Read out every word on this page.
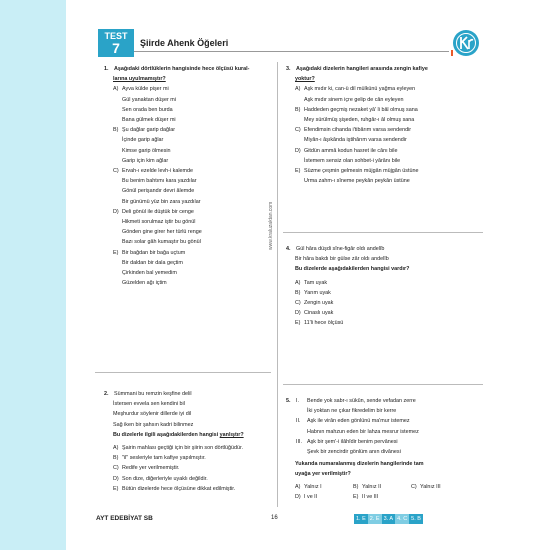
TEST
7	Şiirde Ahenk Öğeleri
www.kraluzaktan.com
1.	Aşağıdaki dörtlüklerin hangisinde hece ölçüsü kural-
larına uyulmamıştır?
A) Ayva külde pişer mi
Gül yanaktan düşer mi
Sen orada ben burda
Bana gülmek düşer mi
B) Şu dağlar garip dağlar
İçinde garip ağlar
Kimse garip ölmesin
Garip için kim ağlar
C) Ervah-ı ezelde levh-i kalemde
Bu benim bahtımı kara yazdılar
Gönül perişandır devri âlemde
Bir günümü yüz bin zara yazdılar
D) Deli gönül ile düştük bir cenge
Hikmeti sorulmaz iştir bu gönül
Gönden gine girer her türlü renge
Bazı solar gâh kumaştır bu gönül
E) Bir bağdan bir bağa uçtum
Bir daldan bir dala geçtim
Çirkinden bal yemedim
Güzelden ağı içtim
2.	Sümmani bu remzin keşfine delil
İstersen evvela sen kendini bil
Meşhurdur söylenir dillerde iyi dil
Sağ iken bir şahsın kadri bilinmez
Bu dizelerle ilgili aşağıdakilerden hangisi yanlıştır?
A) Şairin mahlası geçtiği için bir şiirin son dörtlüğüdür.
B) "il" sesleriyle tam kafiye yapılmıştır.
C) Redife yer verilmemiştir.
D) Son dize, diğerleriyle uyaklı değildir.
E) Bütün dizelerde hece ölçüsüne dikkat edilmiştir.
3.	Aşağıdaki dizelerin hangileri arasında zengin kafiye
yoktur?
A) Aşk mıdır ki, can-ü dil mülkünü yağma eyleyen
Aşk mıdır sinem içre gelip de cân eyleyen
B) Haddeden geçmiş nezaket yâ' li bâl olmuş sana
Mey sürülmüş şişeden, ruhgâr-ı âl olmuş sana
C) Efendimsin cihanda i'tibârım varsa sendendir
Miyân-ı âşıkânda iştihârım varsa sendendir
D) Gitdün ammâ kodun hasret ile cânı bile
İstemem sensiz olan sohbet-i yârânı bile
E) Süzme çeşmin gelmesin müjgân müjgân üstüne
Urma zahm-ı sîneme peykân peykân üstüne
4.	Gül hâra düşdi sîne-figâr oldı andelîb
Bir hâra bakdı bir gülse zâr oldı andelîb
Bu dizelerde aşağıdakilerden hangisi vardır?
A) Tam uyak
B) Yarım uyak
C) Zengin uyak
D) Cinaslı uyak
E) 11'li hece ölçüsü
5.	I.	Bende yok sabr-ı sükûn, sende vefadan zerre
İki yoktan ne çıkar fikredelim bir kerre
II.	Aşk ile virân eden gönlünü ma'mur istemez
Habnın mahzun eden bir lahza mesrur istemez
III. Aşk bir şem'-i ilâhîdir benim pervânesi
Şevk bir zencirdir gönlüm anın divânesi
Yukarıda numaralanmış dizelerin hangilerinde tam
uyağa yer verilmiştir?
A) Yalnız I	B) Yalnız II	C) Yalnız III
D) I ve II	E) II ve III
AYT EDEBİYAT SB	16	1. E 2. E 3. A 4. C 5. B
